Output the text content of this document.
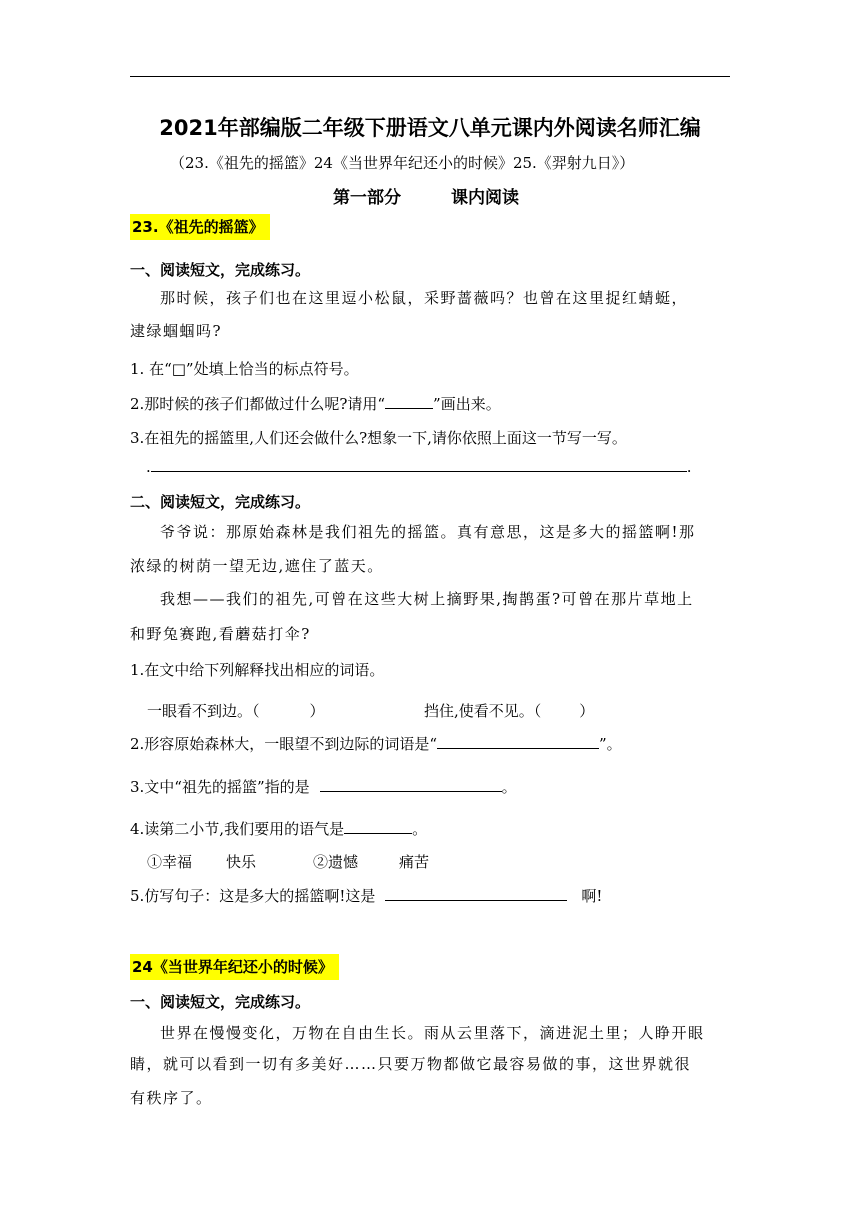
2021年部编版二年级下册语文八单元课内外阅读名师汇编
（23.《祖先的摇篮》24《当世界年纪还小的时候》25.《羿射九日》）
第一部分	课内阅读
23.《祖先的摇篮》
一、阅读短文，完成练习。
那时候，孩子们也在这里逗小松鼠，采野蔷薇吗？也曾在这里捉红蜻蜓，
逮绿蝈蝈吗?
1. 在“□”处填上恰当的标点符号。
2.那时候的孩子们都做过什么呢?请用“	”画出来。
3.在祖先的摇篮里,人们还会做什么?想象一下,请你依照上面这一节写一写。
.	.
二、阅读短文，完成练习。
爷爷说：那原始森林是我们祖先的摇篮。真有意思，这是多大的摇篮啊!那
浓绿的树荫一望无边,遮住了蓝天。
我想——我们的祖先,可曾在这些大树上摘野果,掏鹊蛋?可曾在那片草地上
和野兔赛跑,看蘑菇打伞?
1.在文中给下列解释找出相应的词语。
一眼看不到边。（	）	挡住,使看不见。（	）
2.形容原始森林大，一眼望不到边际的词语是“	”。
3.文中“祖先的摇篮”指的是	。
4.读第二小节,我们要用的语气是	。
①幸福 快乐	②遗憾	痛苦
5.仿写句子：这是多大的摇篮啊!这是	啊!
24《当世界年纪还小的时候》
一、阅读短文，完成练习。
世界在慢慢变化，万物在自由生长。雨从云里落下，滴进泥土里；人睁开眼
睛，就可以看到一切有多美好……只要万物都做它最容易做的事，这世界就很
有秩序了。
